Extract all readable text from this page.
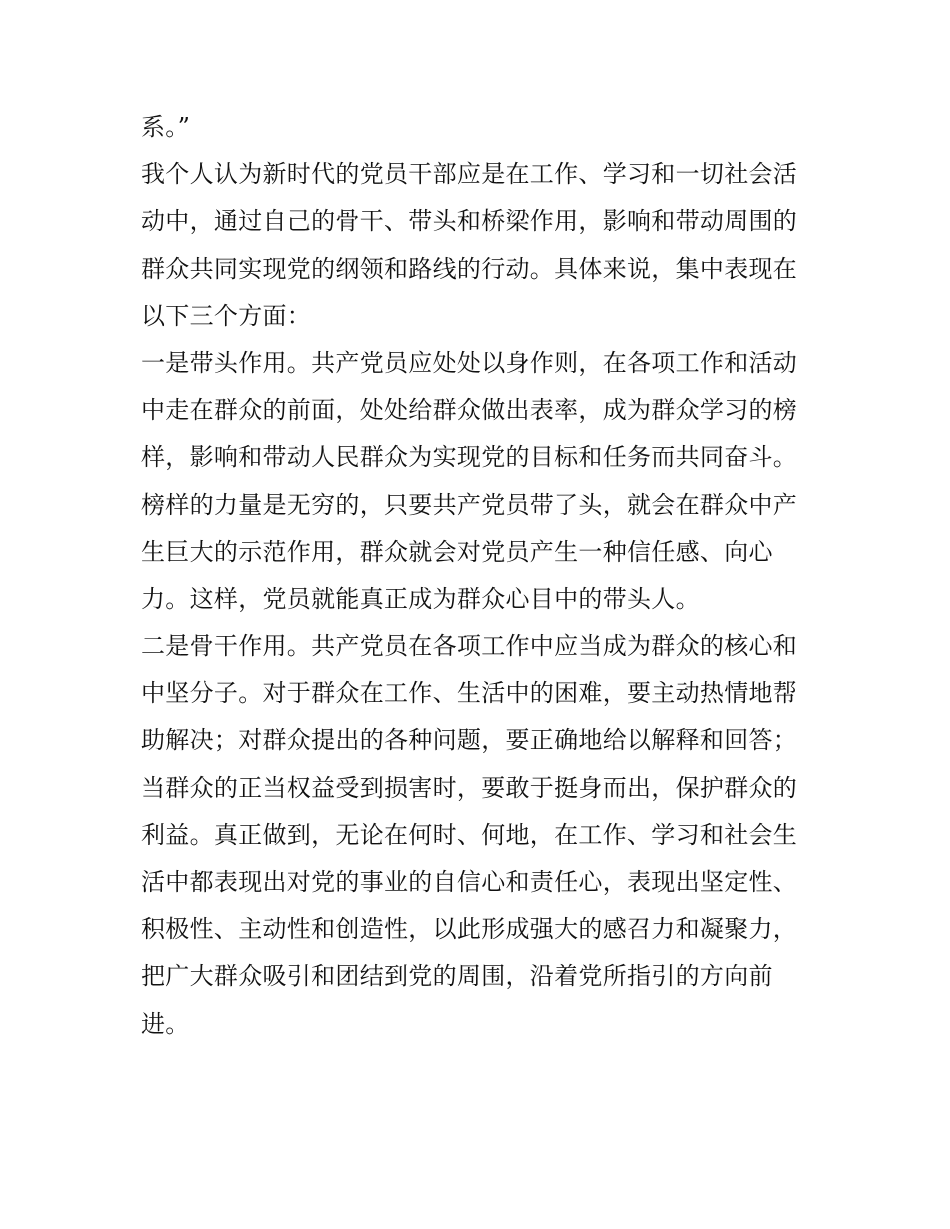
系。”
我个人认为新时代的党员干部应是在工作、学习和一切社会活
动中，通过自己的骨干、带头和桥梁作用，影响和带动周围的
群众共同实现党的纲领和路线的行动。具体来说，集中表现在
以下三个方面：
一是带头作用。共产党员应处处以身作则，在各项工作和活动
中走在群众的前面，处处给群众做出表率，成为群众学习的榜
样，影响和带动人民群众为实现党的目标和任务而共同奋斗。
榜样的力量是无穷的，只要共产党员带了头，就会在群众中产
生巨大的示范作用，群众就会对党员产生一种信任感、向心
力。这样，党员就能真正成为群众心目中的带头人。
二是骨干作用。共产党员在各项工作中应当成为群众的核心和
中坚分子。对于群众在工作、生活中的困难，要主动热情地帮
助解决；对群众提出的各种问题，要正确地给以解释和回答；
当群众的正当权益受到损害时，要敢于挺身而出，保护群众的
利益。真正做到，无论在何时、何地，在工作、学习和社会生
活中都表现出对党的事业的自信心和责任心，表现出坚定性、
积极性、主动性和创造性，以此形成强大的感召力和凝聚力，
把广大群众吸引和团结到党的周围，沿着党所指引的方向前
进。
